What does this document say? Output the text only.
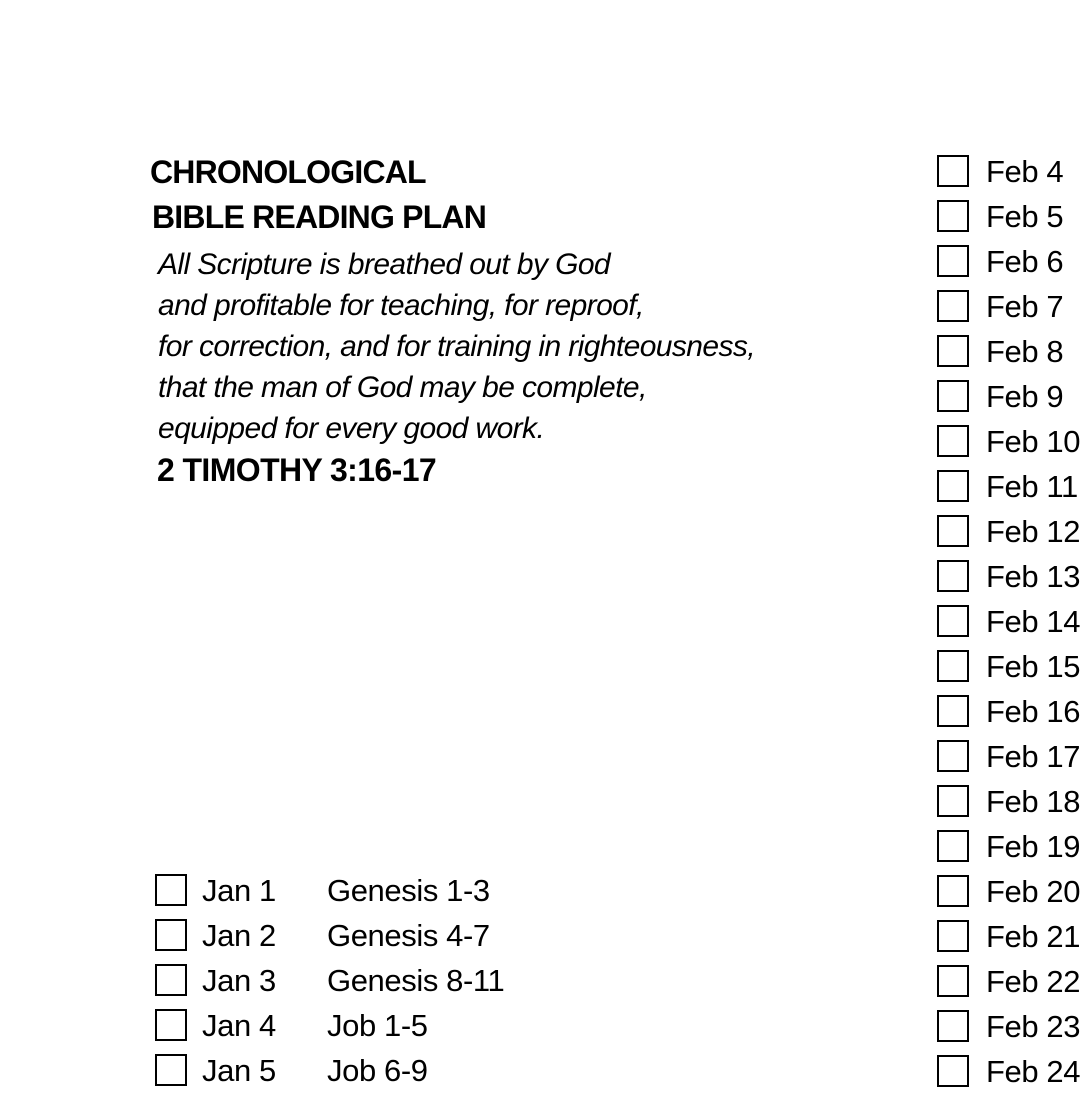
CHRONOLOGICAL
BIBLE READING PLAN
All Scripture is breathed out by God
and profitable for teaching, for reproof,
for correction, and for training in righteousness,
that the man of God may be complete,
equipped for every good work.
2 TIMOTHY 3:16-17
Jan 1 Genesis 1-3
Jan 2 Genesis 4-7
Jan 3 Genesis 8-11
Jan 4 Job 1-5
Jan 5 Job 6-9
Feb 4
Feb 5
Feb 6
Feb 7
Feb 8
Feb 9
Feb 10
Feb 11
Feb 12
Feb 13
Feb 14
Feb 15
Feb 16
Feb 17
Feb 18
Feb 19
Feb 20
Feb 21
Feb 22
Feb 23
Feb 24
